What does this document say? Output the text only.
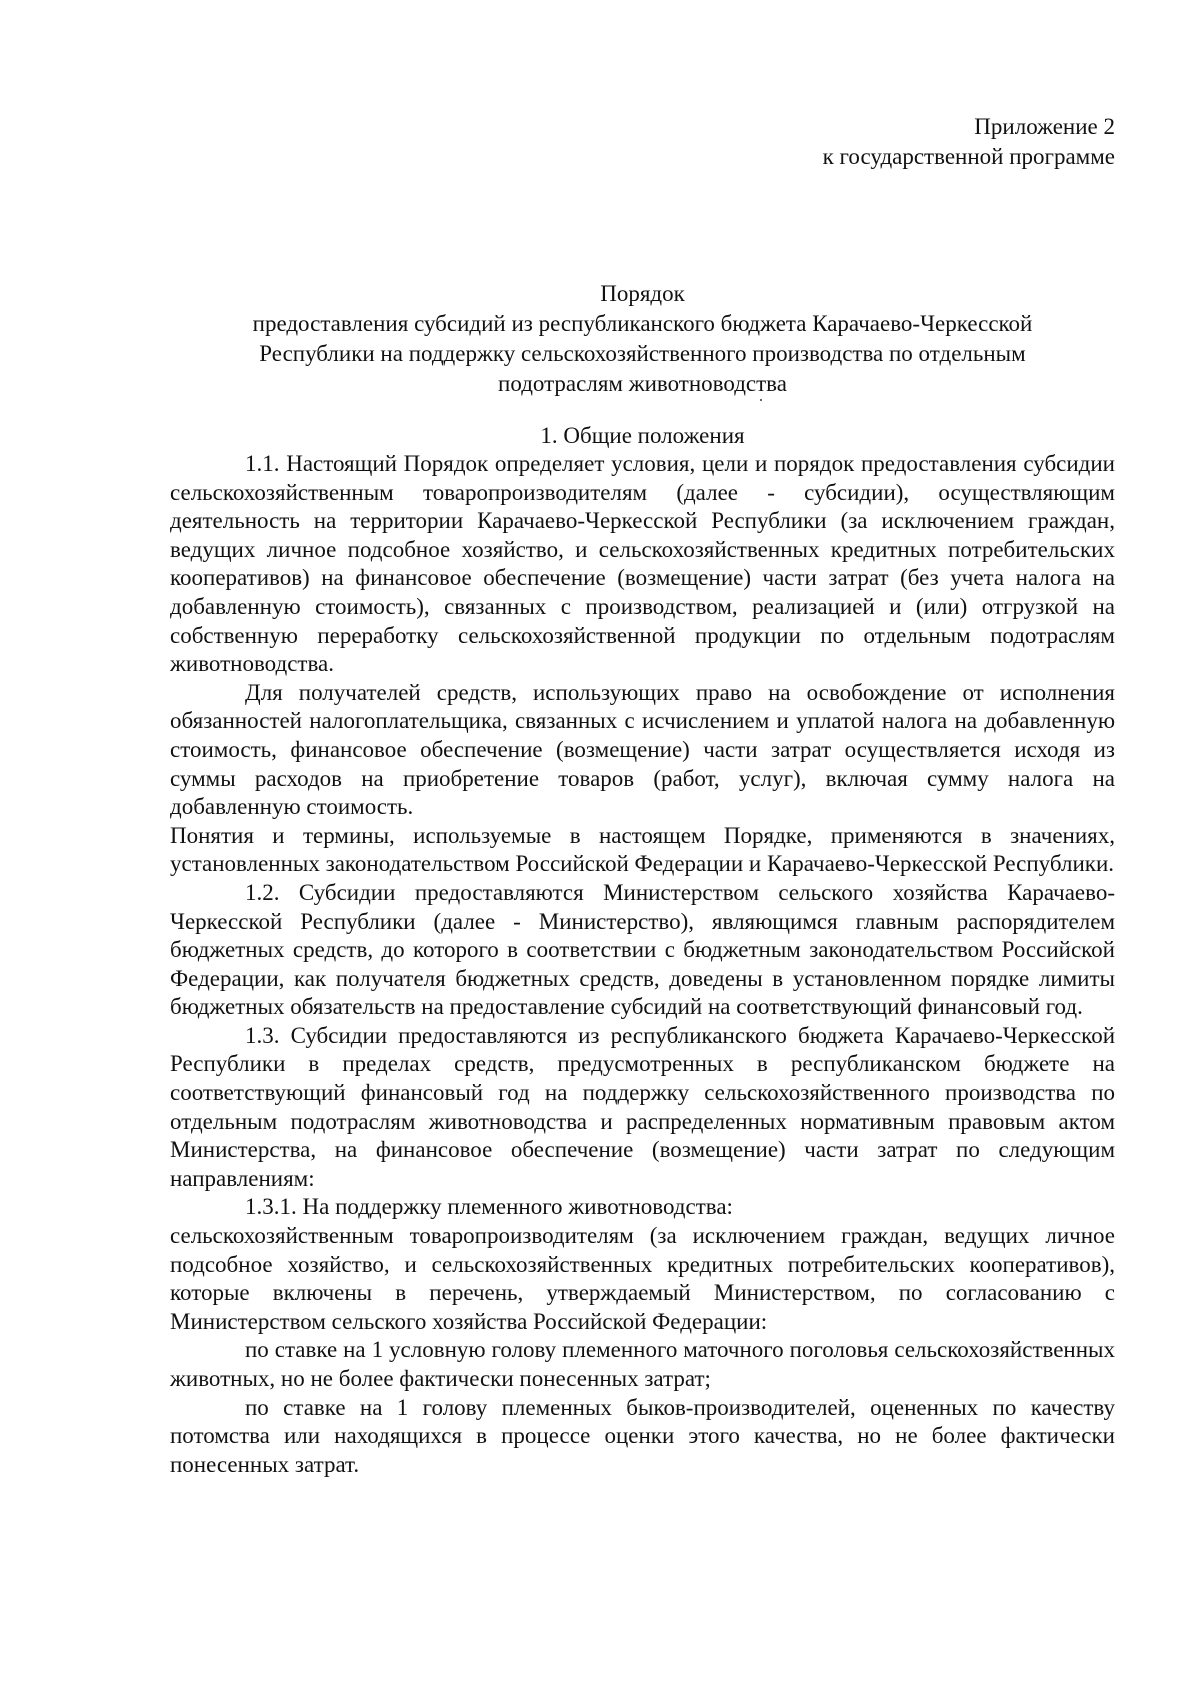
Приложение 2
к государственной программе
Порядок
предоставления субсидий из республиканского бюджета Карачаево-Черкесской
Республики на поддержку сельскохозяйственного производства по отдельным
подотраслям животноводства
1. Общие положения

1.1. Настоящий Порядок определяет условия, цели и порядок предоставления субсидии сельскохозяйственным товаропроизводителям (далее - субсидии), осуществляющим деятельность на территории Карачаево-Черкесской Республики (за исключением граждан, ведущих личное подсобное хозяйство, и сельскохозяйственных кредитных потребительских кооперативов) на финансовое обеспечение (возмещение) части затрат (без учета налога на добавленную стоимость), связанных с производством, реализацией и (или) отгрузкой на собственную переработку сельскохозяйственной продукции по отдельным подотраслям животноводства.

Для получателей средств, использующих право на освобождение от исполнения обязанностей налогоплательщика, связанных с исчислением и уплатой налога на добавленную стоимость, финансовое обеспечение (возмещение) части затрат осуществляется исходя из суммы расходов на приобретение товаров (работ, услуг), включая сумму налога на добавленную стоимость.

Понятия и термины, используемые в настоящем Порядке, применяются в значениях, установленных законодательством Российской Федерации и Карачаево-Черкесской Республики.

1.2. Субсидии предоставляются Министерством сельского хозяйства Карачаево-Черкесской Республики (далее - Министерство), являющимся главным распорядителем бюджетных средств, до которого в соответствии с бюджетным законодательством Российской Федерации, как получателя бюджетных средств, доведены в установленном порядке лимиты бюджетных обязательств на предоставление субсидий на соответствующий финансовый год.

1.3. Субсидии предоставляются из республиканского бюджета Карачаево-Черкесской Республики в пределах средств, предусмотренных в республиканском бюджете на соответствующий финансовый год на поддержку сельскохозяйственного производства по отдельным подотраслям животноводства и распределенных нормативным правовым актом Министерства, на финансовое обеспечение (возмещение) части затрат по следующим направлениям:

1.3.1. На поддержку племенного животноводства:

сельскохозяйственным товаропроизводителям (за исключением граждан, ведущих личное подсобное хозяйство, и сельскохозяйственных кредитных потребительских кооперативов), которые включены в перечень, утверждаемый Министерством, по согласованию с Министерством сельского хозяйства Российской Федерации:

по ставке на 1 условную голову племенного маточного поголовья сельскохозяйственных животных, но не более фактически понесенных затрат;

по ставке на 1 голову племенных быков-производителей, оцененных по качеству потомства или находящихся в процессе оценки этого качества, но не более фактически понесенных затрат.
